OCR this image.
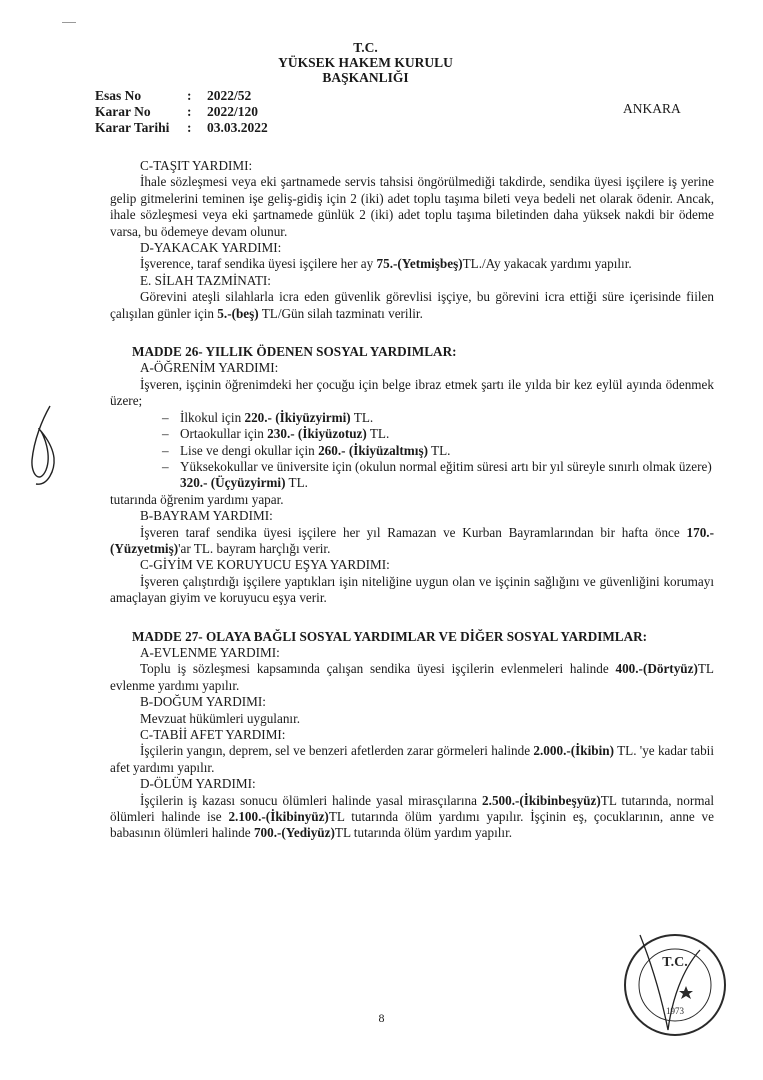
T.C.
YÜKSEK HAKEM KURULU
BAŞKANLIĞI
Esas No	:	2022/52
Karar No	:	2022/120
Karar Tarihi	:	03.03.2022
ANKARA

C-TAŞIT YARDIMI:

İhale sözleşmesi veya eki şartnamede servis tahsisi öngörülmediği takdirde, sendika üyesi işçilere iş yerine gelip gitmelerini teminen işe geliş-gidiş için 2 (iki) adet toplu taşıma bileti veya bedeli net olarak ödenir. Ancak, ihale sözleşmesi veya eki şartnamede günlük 2 (iki) adet toplu taşıma biletinden daha yüksek nakdi bir ödeme varsa, bu ödemeye devam olunur.

D-YAKACAK YARDIMI:

İşverence, taraf sendika üyesi işçilere her ay 75.-(Yetmişbeş)TL./Ay yakacak yardımı yapılır.

E. SİLAH TAZMİNATI:

Görevini ateşli silahlarla icra eden güvenlik görevlisi işçiye, bu görevini icra ettiği süre içerisinde fiilen çalışılan günler için 5.-(beş) TL/Gün silah tazminatı verilir.

MADDE 26- YILLIK ÖDENEN SOSYAL YARDIMLAR:

A-ÖĞRENİM YARDIMI:

İşveren, işçinin öğrenimdeki her çocuğu için belge ibraz etmek şartı ile yılda bir kez eylül ayında ödenmek üzere;

– İlkokul için 220.- (İkiyüzyirmi) TL.
– Ortaokullar için 230.- (İkiyüzotuz) TL.
– Lise ve dengi okullar için 260.- (İkiyüzaltmış) TL.
– Yüksekokullar ve üniversite için (okulun normal eğitim süresi artı bir yıl süreyle sınırlı olmak üzere) 320.- (Üçyüzyirmi) TL.

tutarında öğrenim yardımı yapar.

B-BAYRAM YARDIMI:

İşveren taraf sendika üyesi işçilere her yıl Ramazan ve Kurban Bayramlarından bir hafta önce 170.-(Yüzyetmiş)'ar TL. bayram harçlığı verir.

C-GİYİM VE KORUYUCU EŞYA YARDIMI:

İşveren çalıştırdığı işçilere yaptıkları işin niteliğine uygun olan ve işçinin sağlığını ve güvenliğini korumayı amaçlayan giyim ve koruyucu eşya verir.

MADDE 27- OLAYA BAĞLI SOSYAL YARDIMLAR VE DİĞER SOSYAL YARDIMLAR:

A-EVLENME YARDIMI:

Toplu iş sözleşmesi kapsamında çalışan sendika üyesi işçilerin evlenmeleri halinde 400.-(Dörtyüz)TL evlenme yardımı yapılır.

B-DOĞUM YARDIMI:

Mevzuat hükümleri uygulanır.

C-TABİİ AFET YARDIMI:

İşçilerin yangın, deprem, sel ve benzeri afetlerden zarar görmeleri halinde 2.000.-(İkibin) TL. 'ye kadar tabii afet yardımı yapılır.

D-ÖLÜM YARDIMI:

İşçilerin iş kazası sonucu ölümleri halinde yasal mirasçılarına 2.500.-(İkibinbeşyüz)TL tutarında, normal ölümleri halinde ise 2.100.-(İkibinyüz)TL tutarında ölüm yardımı yapılır. İşçinin eş, çocuklarının, anne ve babasının ölümleri halinde 700.-(Yediyüz)TL tutarında ölüm yardım yapılır.

T.C.
1973
8
